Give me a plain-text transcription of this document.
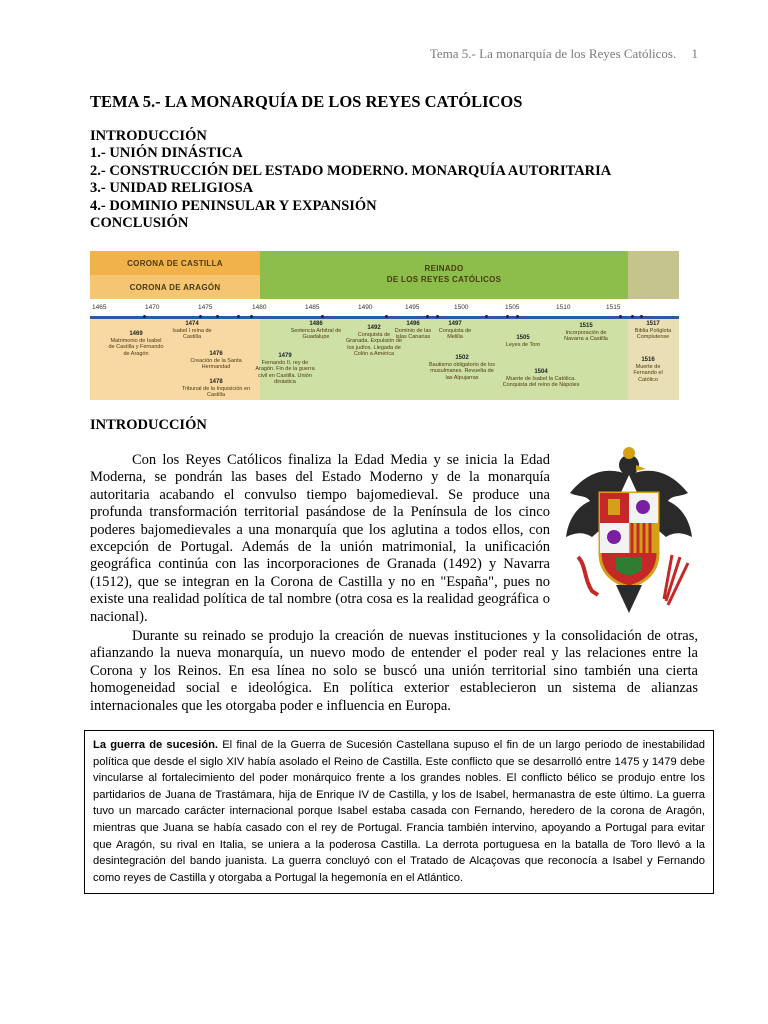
Tema 5.- La monarquía de los Reyes Católicos. 1
TEMA 5.- LA MONARQUÍA DE LOS REYES CATÓLICOS
INTRODUCCIÓN
1.- UNIÓN DINÁSTICA
2.- CONSTRUCCIÓN DEL ESTADO MODERNO. MONARQUÍA AUTORITARIA
3.- UNIDAD RELIGIOSA
4.- DOMINIO PENINSULAR Y EXPANSIÓN
CONCLUSIÓN
CORONA DE CASTILLA
CORONA DE ARAGÓN
REINADO
DE LOS REYES CATÓLICOS
1465	1470	1475	1480	1485	1490	1495	1500	1505	1510	1515
1469
Matrimonio de Isabel de Castilla y Fernando de Aragón
1474
Isabel I reina de Castilla
1476
Creación de la Santa Hermandad
1478
Tribunal de la Inquisición en Castilla
1479
Fernando II, rey de Aragón. Fin de la guerra civil en Castilla. Unión dinástica
1486
Sentencia Arbitral de Guadalupe
1492
Conquista de Granada. Expulsión de los judíos. Llegada de Colón a América
1496
Dominio de las islas Canarias
1497
Conquista de Melilla
1502
Bautismo obligatorio de los musulmanes. Revuelta de las Alpujarras
1505
Leyes de Toro
1504
Muerte de Isabel la Católica. Conquista del reino de Nápoles
1515
Incorporación de Navarra a Castilla
1517
Biblia Políglota Complutense
1516
Muerte de Fernando el Católico
INTRODUCCIÓN
Con los Reyes Católicos finaliza la Edad Media y se inicia la Edad Moderna, se pondrán las bases del Estado Moderno y de la monarquía autoritaria acabando el convulso tiempo bajomedieval. Se produce una profunda transformación territorial pasándose de la Península de los cinco poderes bajomedievales a una monarquía que los aglutina a todos ellos, con excepción de Portugal. Además de la unión matrimonial, la unificación geográfica continúa con las incorporaciones de Granada (1492) y Navarra (1512), que se integran en la Corona de Castilla y no en "España", pues no existe una realidad política de tal nombre (otra cosa es la realidad geográfica o nacional).
Durante su reinado se produjo la creación de nuevas instituciones y la consolidación de otras, afianzando la nueva monarquía, un nuevo modo de entender el poder real y las relaciones entre la Corona y los Reinos. En esa línea no solo se buscó una unión territorial sino también una cierta homogeneidad social e ideológica. En política exterior establecieron un sistema de alianzas internacionales que les otorgaba poder e influencia en Europa.
La guerra de sucesión. El final de la Guerra de Sucesión Castellana supuso el fin de un largo periodo de inestabilidad política que desde el siglo XIV había asolado el Reino de Castilla. Este conflicto que se desarrolló entre 1475 y 1479 debe vincularse al fortalecimiento del poder monárquico frente a los grandes nobles. El conflicto bélico se produjo entre los partidarios de Juana de Trastámara, hija de Enrique IV de Castilla, y los de Isabel, hermanastra de este último. La guerra tuvo un marcado carácter internacional porque Isabel estaba casada con Fernando, heredero de la corona de Aragón, mientras que Juana se había casado con el rey de Portugal. Francia también intervino, apoyando a Portugal para evitar que Aragón, su rival en Italia, se uniera a la poderosa Castilla. La derrota portuguesa en la batalla de Toro llevó a la desintegración del bando juanista. La guerra concluyó con el Tratado de Alcaçovas que reconocía a Isabel y Fernando como reyes de Castilla y otorgaba a Portugal la hegemonía en el Atlántico.
